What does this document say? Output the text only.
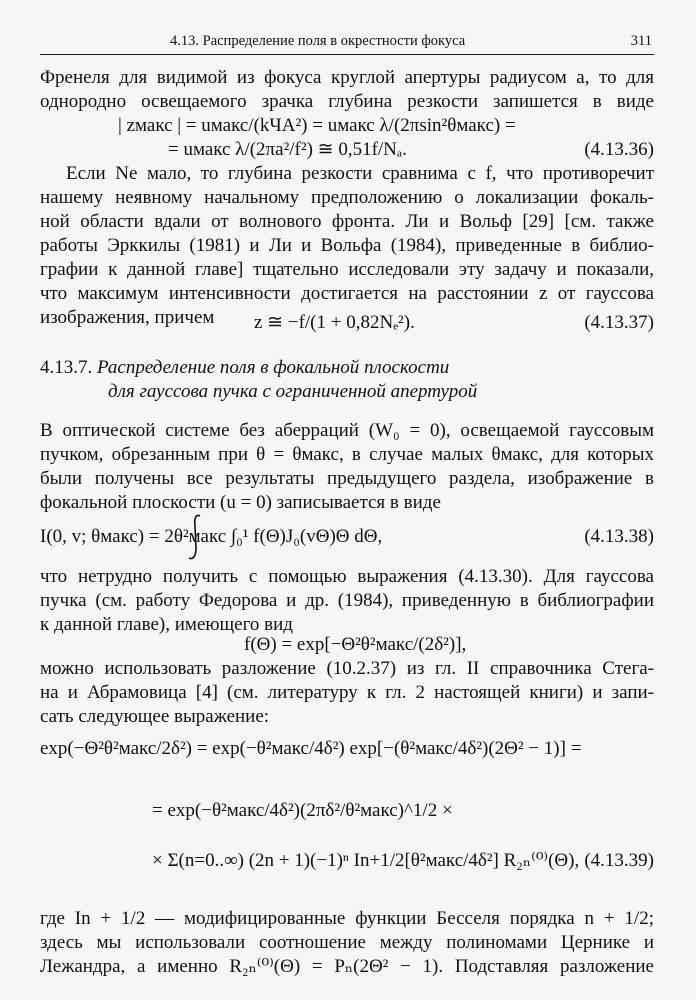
4.13. Распределение поля в окрестности фокуса	311
Френеля для видимой из фокуса круглой апертуры радиусом a, то для
однородно освещаемого зрачка глубина резкости запишется в виде
| zмакс | = uмакс/(kЧA²) = uмакс λ/(2πsin²θмакс) =
= uмакс λ/(2πa²/f²) ≅ 0,51f/Nₐ.	(4.13.36)
Если Nе мало, то глубина резкости сравнима с f, что противоречит
нашему неявному начальному предположению о локализации фокаль-
ной области вдали от волнового фронта. Ли и Вольф [29] [см. также
работы Эрккилы (1981) и Ли и Вольфа (1984), приведенные в библио-
графии к данной главе] тщательно исследовали эту задачу и показали,
что максимум интенсивности достигается на расстоянии z от гауссова
изображения, причем z ≅ −f/(1 + 0,82Nₑ²).	(4.13.37)
4.13.7. Распределение поля в фокальной плоскости
для гауссова пучка с ограниченной апертурой
В оптической системе без аберраций (W₀ = 0), освещаемой гауссовым
пучком, обрезанным при θ = θмакс, в случае малых θмакс, для которых
были получены все результаты предыдущего раздела, изображение в
фокальной плоскости (u = 0) записывается в виде
I(0, v; θмакс) = 2θ²макс ∫₀¹ f(Θ)J₀(vΘ)Θ dΘ,	(4.13.38)
что нетрудно получить с помощью выражения (4.13.30). Для гауссова
пучка (см. работу Федорова и др. (1984), приведенную в библиографии
к данной главе), имеющего вид
f(Θ) = exp[−Θ²θ²макс/(2δ²)],
можно использовать разложение (10.2.37) из гл. II справочника Стега-
на и Абрамовица [4] (см. литературу к гл. 2 настоящей книги) и запи-
сать следующее выражение:
exp(−Θ²θ²макс/2δ²) = exp(−θ²макс/4δ²) exp[−(θ²макс/4δ²)(2Θ² − 1)] =
= exp(−θ²макс/4δ²)(2πδ²/θ²макс)^1/2 ×
× Σ(n=0..∞) (2n + 1)(−1)ⁿ In+1/2[θ²макс/4δ²] R₂ₙ⁽⁰⁾(Θ), (4.13.39)
где In + 1/2 — модифицированные функции Бесселя порядка n + 1/2;
здесь мы использовали соотношение между полиномами Цернике и
Лежандра, а именно R₂ₙ⁽⁰⁾(Θ) = Pₙ(2Θ² − 1). Подставляя разложение
